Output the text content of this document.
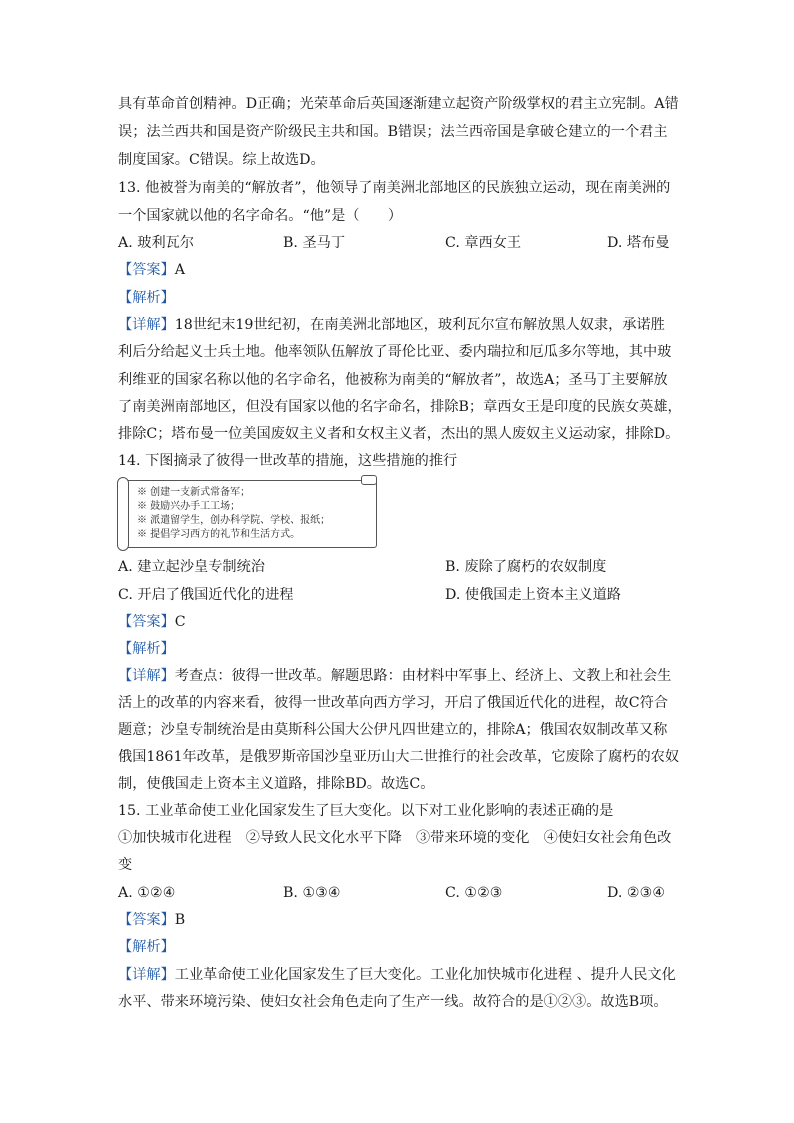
具有革命首创精神。D正确；光荣革命后英国逐渐建立起资产阶级掌权的君主立宪制。A错
误；法兰西共和国是资产阶级民主共和国。B错误；法兰西帝国是拿破仑建立的一个君主
制度国家。C错误。综上故选D。
13. 他被誉为南美的“解放者”，他领导了南美洲北部地区的民族独立运动，现在南美洲的
一个国家就以他的名字命名。“他”是（　　）
A. 玻利瓦尔	B. 圣马丁	C. 章西女王	D. 塔布曼
【答案】A
【解析】
【详解】18世纪末19世纪初，在南美洲北部地区，玻利瓦尔宣布解放黑人奴隶，承诺胜
利后分给起义士兵土地。他率领队伍解放了哥伦比亚、委内瑞拉和厄瓜多尔等地，其中玻
利维亚的国家名称以他的名字命名，他被称为南美的“解放者”，故选A；圣马丁主要解放
了南美洲南部地区，但没有国家以他的名字命名，排除B；章西女王是印度的民族女英雄，
排除C；塔布曼一位美国废奴主义者和女权主义者，杰出的黑人废奴主义运动家，排除D。
14. 下图摘录了彼得一世改革的措施，这些措施的推行
※ 创建一支新式常备军；
※ 鼓励兴办手工工场；
※ 派遣留学生，创办科学院、学校、报纸；
※ 提倡学习西方的礼节和生活方式。
A. 建立起沙皇专制统治	B. 废除了腐朽的农奴制度
C. 开启了俄国近代化的进程	D. 使俄国走上资本主义道路
【答案】C
【解析】
【详解】考查点：彼得一世改革。解题思路：由材料中军事上、经济上、文教上和社会生
活上的改革的内容来看，彼得一世改革向西方学习，开启了俄国近代化的进程，故C符合
题意；沙皇专制统治是由莫斯科公国大公伊凡四世建立的，排除A；俄国农奴制改革又称
俄国1861年改革，是俄罗斯帝国沙皇亚历山大二世推行的社会改革，它废除了腐朽的农奴
制，使俄国走上资本主义道路，排除BD。故选C。
15. 工业革命使工业化国家发生了巨大变化。以下对工业化影响的表述正确的是
①加快城市化进程　②导致人民文化水平下降　③带来环境的变化　④使妇女社会角色改
变
A. ①②④	B. ①③④	C. ①②③	D. ②③④
【答案】B
【解析】
【详解】工业革命使工业化国家发生了巨大变化。工业化加快城市化进程 、提升人民文化
水平、带来环境污染、使妇女社会角色走向了生产一线。故符合的是①②③。故选B项。
